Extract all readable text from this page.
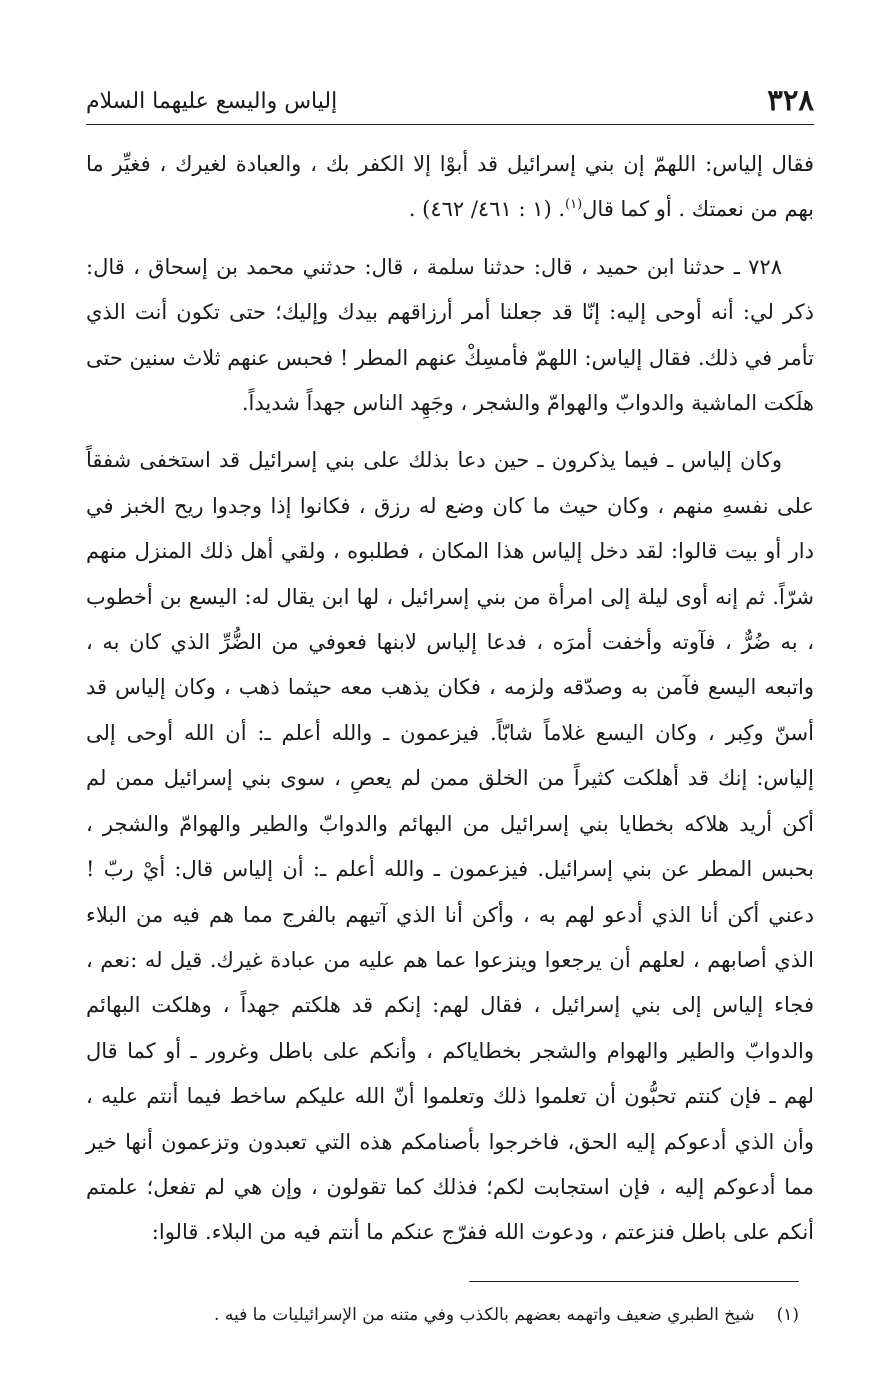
٣٢٨
إلياس واليسع عليهما السلام

فقال إلياس: اللهمّ إن بني إسرائيل قد أبوْا إلا الكفر بك ، والعبادة لغيرك ، فغيِّر ما بهم من نعمتك . أو كما قال$^{(١)}$. (١ : ٤٦١/ ٤٦٢) .

٧٢٨ ـ حدثنا ابن حميد ، قال: حدثنا سلمة ، قال: حدثني محمد بن إسحاق ، قال: ذكر لي: أنه أوحى إليه: إنّا قد جعلنا أمر أرزاقهم بيدك وإليك؛ حتى تكون أنت الذي تأمر في ذلك. فقال إلياس: اللهمّ فأمسِكْ عنهم المطر ! فحبس عنهم ثلاث سنين حتى هلَكت الماشية والدوابّ والهوامّ والشجر ، وجَهِد الناس جهداً شديداً.

وكان إلياس ـ فيما يذكرون ـ حين دعا بذلك على بني إسرائيل قد استخفى شفقاً على نفسهِ منهم ، وكان حيث ما كان وضع له رزق ، فكانوا إذا وجدوا ريح الخبز في دار أو بيت قالوا: لقد دخل إلياس هذا المكان ، فطلبوه ، ولقي أهل ذلك المنزل منهم شرّاً. ثم إنه أوى ليلة إلى امرأة من بني إسرائيل ، لها ابن يقال له: اليسع بن أخطوب ، به ضُرٌّ ، فآوته وأخفت أمرَه ، فدعا إلياس لابنها فعوفي من الضُّرِّ الذي كان به ، واتبعه اليسع فآمن به وصدّقه ولزمه ، فكان يذهب معه حيثما ذهب ، وكان إلياس قد أسنّ وكِبر ، وكان اليسع غلاماً شابّاً. فيزعمون ـ والله أعلم ـ: أن الله أوحى إلى إلياس: إنك قد أهلكت كثيراً من الخلق ممن لم يعصِ ، سوى بني إسرائيل ممن لم أكن أريد هلاكه بخطايا بني إسرائيل من البهائم والدوابّ والطير والهوامّ والشجر ، بحبس المطر عن بني إسرائيل. فيزعمون ـ والله أعلم ـ: أن إلياس قال: أيْ ربّ ! دعني أكن أنا الذي أدعو لهم به ، وأكن أنا الذي آتيهم بالفرج مما هم فيه من البلاء الذي أصابهم ، لعلهم أن يرجعوا وينزعوا عما هم عليه من عبادة غيرك. قيل له :نعم ، فجاء إلياس إلى بني إسرائيل ، فقال لهم: إنكم قد هلكتم جهداً ، وهلكت البهائم والدوابّ والطير والهوام والشجر بخطاياكم ، وأنكم على باطل وغرور ـ أو كما قال لهم ـ فإن كنتم تحبُّون أن تعلموا ذلك وتعلموا أنّ الله عليكم ساخط فيما أنتم عليه ، وأن الذي أدعوكم إليه الحق، فاخرجوا بأصنامكم هذه التي تعبدون وتزعمون أنها خير مما أدعوكم إليه ، فإن استجابت لكم؛ فذلك كما تقولون ، وإن هي لم تفعل؛ علمتم أنكم على باطل فنزعتم ، ودعوت الله ففرّج عنكم ما أنتم فيه من البلاء. قالوا:

(١)
شيخ الطبري ضعيف واتهمه بعضهم بالكذب وفي متنه من الإسرائيليات ما فيه .
